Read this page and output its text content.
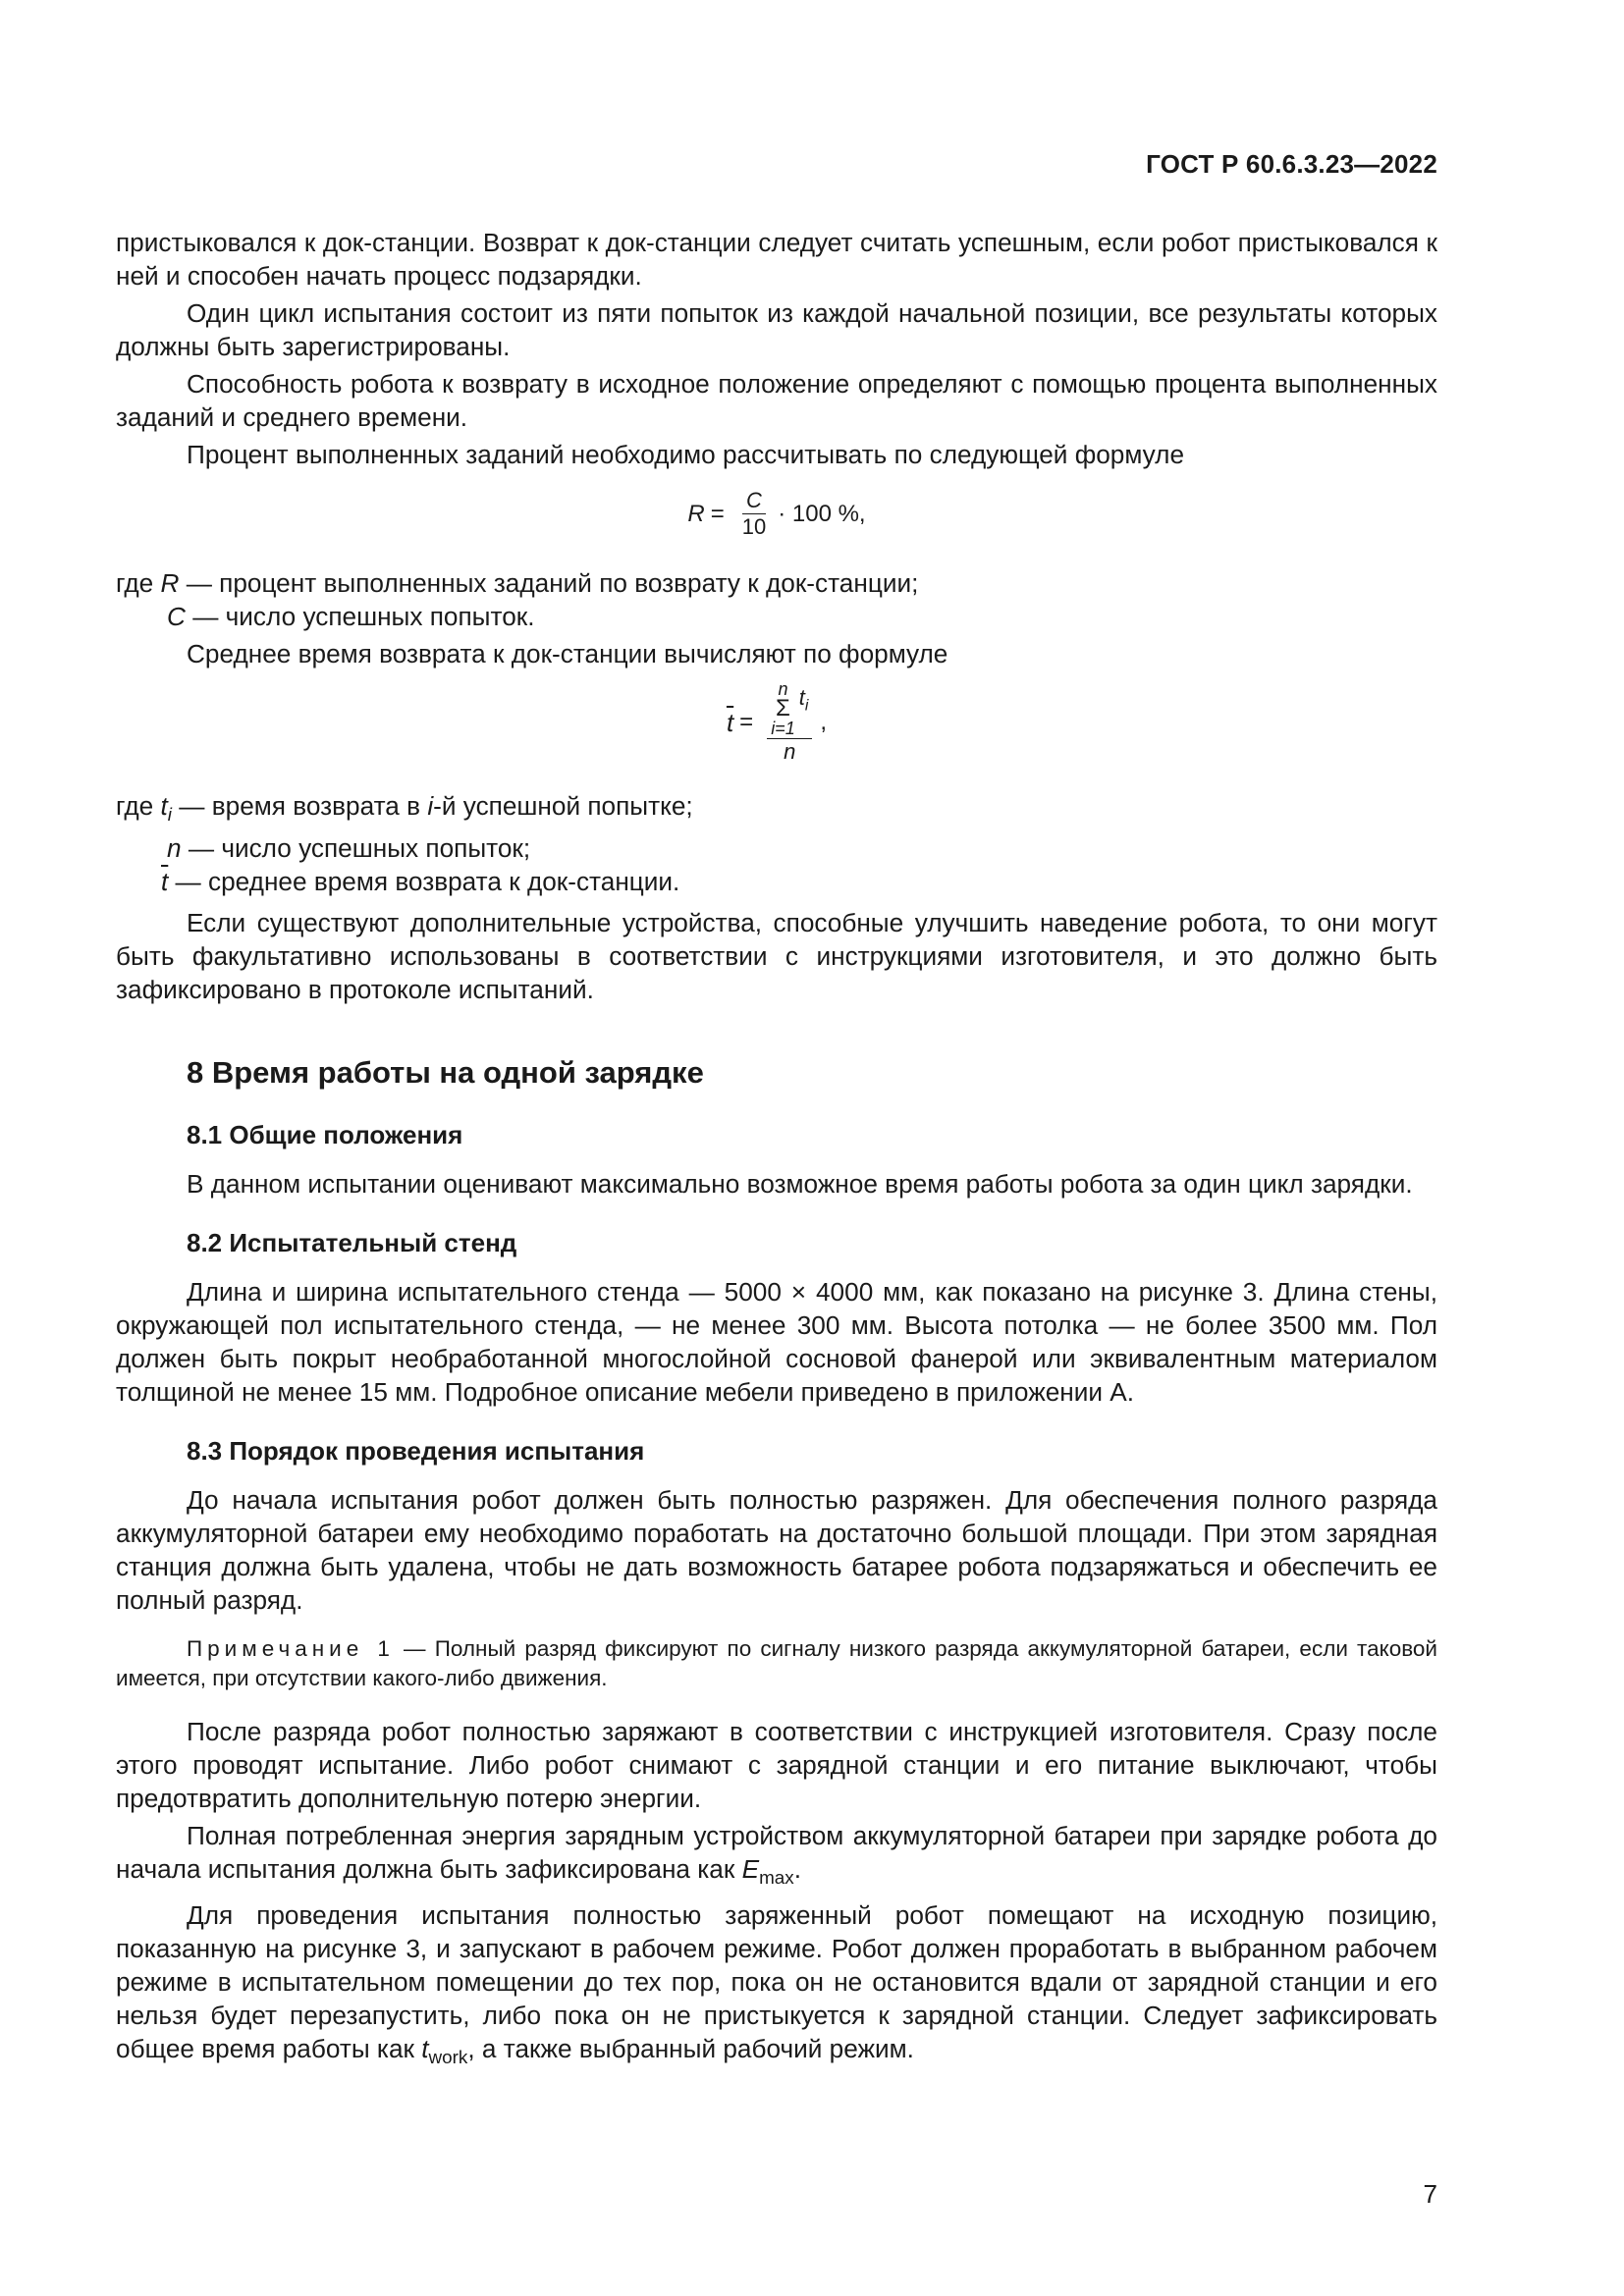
ГОСТ Р 60.6.3.23—2022

пристыковался к док-станции. Возврат к док-станции следует считать успешным, если робот пристыковался к ней и способен начать процесс подзарядки.

Один цикл испытания состоит из пяти попыток из каждой начальной позиции, все результаты которых должны быть зарегистрированы.

Способность робота к возврату в исходное положение определяют с помощью процента выполненных заданий и среднего времени.

Процент выполненных заданий необходимо рассчитывать по следующей формуле

$R = \frac{C}{10} \cdot 100$ %,

где R — процент выполненных заданий по возврату к док-станции;

C — число успешных попыток.

Среднее время возврата к док-станции вычисляют по формуле

$\overline{t} = n$
Σ
i=1
$t_i$
n ,

где $t_i$ — время возврата в i-й успешной попытке;

n — число успешных попыток;

$\overline{t}$ — среднее время возврата к док-станции.

Если существуют дополнительные устройства, способные улучшить наведение робота, то они могут быть факультативно использованы в соответствии с инструкциями изготовителя, и это должно быть зафиксировано в протоколе испытаний.

8 Время работы на одной зарядке
8.1 Общие положения

В данном испытании оценивают максимально возможное время работы робота за один цикл зарядки.

8.2 Испытательный стенд

Длина и ширина испытательного стенда — 5000 × 4000 мм, как показано на рисунке 3. Длина стены, окружающей пол испытательного стенда, — не менее 300 мм. Высота потолка — не более 3500 мм. Пол должен быть покрыт необработанной многослойной сосновой фанерой или эквивалентным материалом толщиной не менее 15 мм. Подробное описание мебели приведено в приложении А.

8.3 Порядок проведения испытания

До начала испытания робот должен быть полностью разряжен. Для обеспечения полного разряда аккумуляторной батареи ему необходимо поработать на достаточно большой площади. При этом зарядная станция должна быть удалена, чтобы не дать возможность батарее робота подзаряжаться и обеспечить ее полный разряд.

Примечание 1 — Полный разряд фиксируют по сигналу низкого разряда аккумуляторной батареи, если таковой имеется, при отсутствии какого-либо движения.

После разряда робот полностью заряжают в соответствии с инструкцией изготовителя. Сразу после этого проводят испытание. Либо робот снимают с зарядной станции и его питание выключают, чтобы предотвратить дополнительную потерю энергии.

Полная потребленная энергия зарядным устройством аккумуляторной батареи при зарядке робота до начала испытания должна быть зафиксирована как $E_{max}$.

Для проведения испытания полностью заряженный робот помещают на исходную позицию, показанную на рисунке 3, и запускают в рабочем режиме. Робот должен проработать в выбранном рабочем режиме в испытательном помещении до тех пор, пока он не остановится вдали от зарядной станции и его нельзя будет перезапустить, либо пока он не пристыкуется к зарядной станции. Следует зафиксировать общее время работы как $t_{work}$, а также выбранный рабочий режим.

7
